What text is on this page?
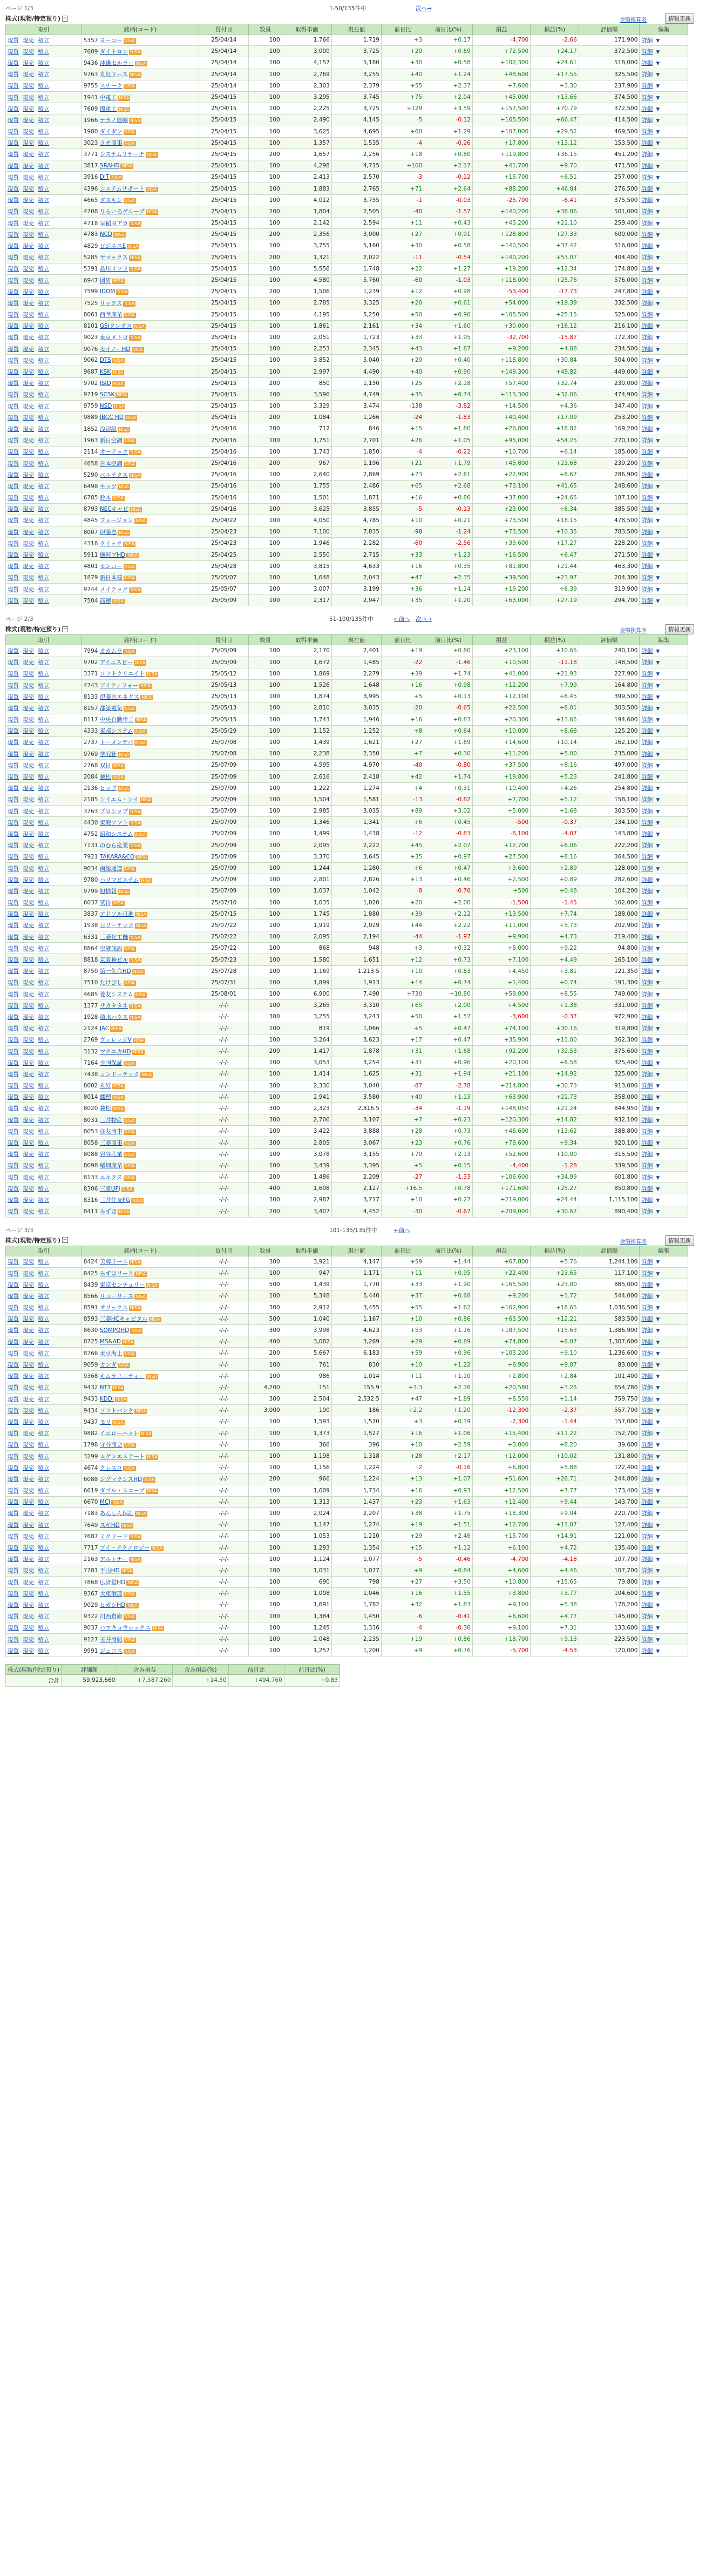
ページ 1/3	1-50/135件中	次へ→
株式(現物/特定預り) −	金額換算表	情報更新
取引	銘柄(コード)	買付日	数量	取得単価	現在値	前日比	前日比(%)	損益	損益(%)	評価額	編集
現買 現売 積立	5357 ヨーコー NISA	25/04/14	100	1,766	1,719	+3	+0.17	-4,700	-2.66	171,900	詳細 ▼
現買 現売 積立	7609 ダイトロン NISA	25/04/14	100	3,000	3,725	+20	+0.69	+72,500	+24.17	372,500	詳細 ▼
現買 現売 積立	9436 沖縄セルラー NISA	25/04/14	100	4,157	5,180	+30	+0.58	+102,300	+24.61	518,000	詳細 ▼
現買 現売 積立	9763 丸紅リース NISA	25/04/14	100	2,769	3,255	+40	+1.24	+48,600	+17.55	325,500	詳細 ▼
現買 現売 積立	9755 スチーク NISA	25/04/14	100	2,303	2,379	+55	+2.37	+7,600	+3.30	237,900	詳細 ▼
現買 現売 積立	1941 中電工 NISA	25/04/15	100	3,295	3,745	+75	+2.04	+45,000	+13.66	374,500	詳細 ▼
現買 現売 積立	7609 関電工 NISA	25/04/15	100	2,225	3,725	+129	+3.59	+157,500	+70.79	372,500	詳細 ▼
現買 現売 積立	1966 ナラノ運輸 NISA	25/04/15	100	2,490	4,145	-5	-0.12	+165,500	+66.47	414,500	詳細 ▼
現買 現売 積立	1980 ダイダン NISA	25/04/15	100	3,625	4,695	+60	+1.29	+107,000	+29.52	469,500	詳細 ▼
現買 現売 積立	3023 ラサ商事 NISA	25/04/15	100	1,357	1,535	-4	-0.26	+17,800	+13.12	153,500	詳細 ▼
現買 現売 積立	3771 システムリサーチ NISA	25/04/15	200	1,657	2,256	+18	+0.80	+119,800	+36.15	451,200	詳細 ▼
現買 現売 積立	3817 SRAHD NISA	25/04/15	100	4,298	4,715	+100	+2.17	+41,700	+9.70	471,500	詳細 ▼
現買 現売 積立	3916 DIT NISA	25/04/15	100	2,413	2,570	-3	-0.12	+15,700	+6.51	257,000	詳細 ▼
現買 現売 積立	4396 システムサポート NISA	25/04/15	100	1,883	2,765	+71	+2.64	+88,200	+46.84	276,500	詳細 ▼
現買 現売 積立	4665 ダスキン NISA	25/04/15	100	4,012	3,755	-1	-0.03	-25,700	-6.41	375,500	詳細 ▼
現買 現売 積立	4708 りらいあグループ NISA	25/04/15	200	1,804	2,505	-40	-1.57	+140,200	+38.86	501,000	詳細 ▼
現買 現売 積立	4718 早稲田アカ NISA	25/04/15	100	2,142	2,594	+11	+0.43	+45,200	+21.10	259,400	詳細 ▼
現買 現売 積立	4783 NCD NISA	25/04/15	200	2,356	3,000	+27	+0.91	+128,800	+27.33	600,000	詳細 ▼
現買 現売 積立	4829 ビジネスE NISA	25/04/15	100	3,755	5,160	+30	+0.58	+140,500	+37.42	516,000	詳細 ▼
現買 現売 積立	5285 ヤマックス NISA	25/04/15	200	1,321	2,022	-11	-0.54	+140,200	+53.07	404,400	詳細 ▼
現買 現売 積立	5391 品川リフラ NISA	25/04/15	100	5,556	1,748	+22	+1.27	+19,200	+12.34	174,800	詳細 ▼
現買 現売 積立	6947 図研 NISA	25/04/15	100	4,580	5,760	-60	-1.03	+118,000	+25.76	576,000	詳細 ▼
現買 現売 積立	7599 IDOM NISA	25/04/15	200	1,506	1,239	+12	+0.98	-53,400	-17.73	247,800	詳細 ▼
現買 現売 積立	7525 リックス NISA	25/04/15	100	2,785	3,325	+20	+0.61	+54,000	+19.39	332,500	詳細 ▼
現買 現売 積立	8061 西華産業 NISA	25/04/15	100	4,195	5,250	+50	+0.96	+105,500	+25.15	525,000	詳細 ▼
現買 現売 積立	8101 GSIクレオス NISA	25/04/15	100	1,861	2,161	+34	+1.60	+30,000	+16.12	216,100	詳細 ▼
現買 現売 積立	9023 東京メトロ NISA	25/04/15	100	2,051	1,723	+33	+1.95	-32,700	-15.87	172,300	詳細 ▼
現買 現売 積立	9076 セイノーHD NISA	25/04/15	100	2,253	2,345	+43	+1.87	+9,200	+4.08	234,500	詳細 ▼
現買 現売 積立	9062 DTS NISA	25/04/15	100	3,852	5,040	+20	+0.40	+118,800	+30.84	504,000	詳細 ▼
現買 現売 積立	9687 KSK NISA	25/04/15	100	2,997	4,490	+40	+0.90	+149,300	+49.82	449,000	詳細 ▼
現買 現売 積立	9702 ISID NISA	25/04/15	200	850	1,150	+25	+2.18	+57,400	+32.74	230,000	詳細 ▼
現買 現売 積立	9719 SCSK NISA	25/04/15	100	3,596	4,749	+35	+0.74	+115,300	+32.06	474,900	詳細 ▼
現買 現売 積立	9759 NSD NISA	25/04/15	100	3,329	3,474	-138	-3.82	+14,500	+4.36	347,400	詳細 ▼
現買 現売 積立	9889 JBCC HD NISA	25/04/15	200	1,084	1,266	-24	-1.83	+40,400	+17.09	253,200	詳細 ▼
現買 現売 積立	1852 浅沼組 NISA	25/04/16	200	712	846	+15	+1.80	+26,800	+18.82	169,200	詳細 ▼
現買 現売 積立	1963 新日空調 NISA	25/04/16	100	1,751	2,701	+26	+1.05	+95,000	+54.25	270,100	詳細 ▼
現買 現売 積立	2114 オーテック NISA	25/04/16	100	1,743	1,850	-4	-0.22	+10,700	+6.14	185,000	詳細 ▼
現買 現売 積立	4658 日本空調 NISA	25/04/16	200	967	1,196	+21	+1.79	+45,800	+23.68	239,200	詳細 ▼
現買 現売 積立	5290 ベルテクス NISA	25/04/16	100	2,640	2,869	+73	+2.61	+22,900	+8.67	286,900	詳細 ▼
現買 現売 積立	6498 キッツ NISA	25/04/16	100	1,755	2,486	+65	+2.68	+73,100	+41.65	248,600	詳細 ▼
現買 現売 積立	6785 鈴木 NISA	25/04/16	100	1,501	1,871	+16	+0.86	+37,000	+24.65	187,100	詳細 ▼
現買 現売 積立	8793 NECキャピ NISA	25/04/16	100	3,625	3,855	-5	-0.13	+23,000	+6.34	385,500	詳細 ▼
現買 現売 積立	4845 フュージョン NISA	25/04/22	100	4,050	4,785	+10	+0.21	+73,500	+18.15	478,500	詳細 ▼
現買 現売 積立	8007 伊藤忠 NISA	25/04/23	100	7,100	7,835	-98	-1.24	+73,500	+10.35	783,500	詳細 ▼
現買 現売 積立	4318 クイック NISA	25/04/23	100	1,946	2,282	-60	-2.56	+33,600	+17.27	228,200	詳細 ▼
現買 現売 積立	5911 横河ブHD NISA	25/04/25	100	2,550	2,715	+33	+1.23	+16,500	+6.47	271,500	詳細 ▼
現買 現売 積立	4801 センコー NISA	25/04/28	100	3,815	4,633	+16	+0.35	+81,800	+21.44	463,300	詳細 ▼
現買 現売 積立	1879 新日本建 NISA	25/05/07	100	1,648	2,043	+47	+2.35	+39,500	+23.97	204,300	詳細 ▼
現買 現売 積立	9744 メイテック NISA	25/05/07	100	3,007	3,199	+36	+1.14	+19,200	+6.39	319,900	詳細 ▼
現買 現売 積立	7504 高速 NISA	25/05/09	100	2,317	2,947	+35	+1.20	+63,000	+27.19	294,700	詳細 ▼
ページ 2/3	51-100/135件中	←前へ 次へ→
株式(現物/特定預り) −	金額換算表	情報更新
取引	銘柄(コード)	買付日	数量	取得単価	現在値	前日比	前日比(%)	損益	損益(%)	評価額	編集
現買 現売 積立	7994 オカムラ NISA	25/05/09	100	2,170	2,401	+19	+0.80	+23,100	+10.65	240,100	詳細 ▼
現買 現売 積立	9702 アイエスピー NISA	25/05/09	100	1,672	1,485	-22	-1.46	+10,500	-11.18	148,500	詳細 ▼
現買 現売 積立	3371 ソフトクリエイト NISA	25/05/12	100	1,869	2,279	+39	+1.74	+41,000	+21.93	227,900	詳細 ▼
現買 現売 積立	4743 アイティフォー NISA	25/05/13	100	1,526	1,648	+16	+0.98	+12,200	+7.99	164,800	詳細 ▼
現買 現売 積立	8133 伊藤忠エネクス NISA	25/05/13	100	1,874	3,995	+5	+0.13	+12,100	+6.45	399,500	詳細 ▼
現買 現売 積立	8157 都築電気 NISA	25/05/13	100	2,810	3,035	-20	-0.65	+22,500	+8.01	303,500	詳細 ▼
現買 現売 積立	8117 中央自動車工 NISA	25/05/15	100	1,743	1,946	+16	+0.83	+20,300	+11.65	194,600	詳細 ▼
現買 現売 積立	4333 東邦システム NISA	25/05/29	100	1,152	1,252	+8	+0.64	+10,000	+8.68	125,200	詳細 ▼
現買 現売 積立	2737 トーメンデバ NISA	25/07/08	100	1,439	1,621	+27	+1.69	+14,600	+10.14	162,100	詳細 ▼
現買 現売 積立	9769 学究社 NISA	25/07/08	100	2,238	2,350	+7	+0.30	+11,200	+5.00	235,000	詳細 ▼
現買 現売 積立	2768 双日 NISA	25/07/09	100	4,595	4,970	-40	-0.80	+37,500	+8.16	497,000	詳細 ▼
現買 現売 積立	2084 兼松 NISA	25/07/09	100	2,616	2,418	+42	+1.74	+19,800	+5.23	241,800	詳細 ▼
現買 現売 積立	2136 ヒップ NISA	25/07/09	100	1,222	1,274	+4	+0.31	+10,400	+4.26	254,800	詳細 ▼
現買 現売 積立	2185 シイエム・シイ NISA	25/07/09	100	1,504	1,581	-13	-0.82	+7,700	+5.12	158,100	詳細 ▼
現買 現売 積立	3763 プロシップ NISA	25/07/09	100	2,985	3,035	+89	+3.02	+5,000	+1.68	303,500	詳細 ▼
現買 現売 積立	4430 東海ソフト NISA	25/07/09	100	1,346	1,341	+6	+0.45	-500	-0.37	134,100	詳細 ▼
現買 現売 積立	4752 昭和システム NISA	25/07/09	100	1,499	1,438	-12	-0.83	-6,100	-4.07	143,800	詳細 ▼
現買 現売 積立	7131 のむら産業 NISA	25/07/09	100	2,095	2,222	+45	+2.07	+12,700	+6.06	222,200	詳細 ▼
現買 現売 積立	7921 TAKARA&CO NISA	25/07/09	100	3,370	3,645	+35	+0.97	+27,500	+8.16	364,500	詳細 ▼
現買 現売 積立	9034 南総通運 NISA	25/07/09	100	1,244	1,280	+6	+0.47	+3,600	+2.89	128,000	詳細 ▼
現買 現売 積立	9780 ハリマビステム NISA	25/07/09	100	2,801	2,826	+13	+0.46	+2,500	+0.89	282,600	詳細 ▼
現買 現売 積立	9799 旭情報 NISA	25/07/09	100	1,037	1,042	-8	-0.76	+500	+0.48	104,200	詳細 ▼
現買 現売 積立	6037 楽待 NISA	25/07/10	100	1,035	1,020	+20	+2.00	-1,500	-1.45	102,000	詳細 ▼
現買 現売 積立	3837 アドソル日進 NISA	25/07/15	100	1,745	1,880	+39	+2.12	+13,500	+7.74	188,000	詳細 ▼
現買 現売 積立	1938 日リーテック NISA	25/07/22	100	1,919	2,029	+44	+2.22	+11,000	+5.73	202,900	詳細 ▼
現買 現売 積立	6331 三菱化工機 NISA	25/07/22	100	2,095	2,194	-44	-1.97	+9,900	+4.73	219,400	詳細 ▼
現買 現売 積立	8864 空港施設 NISA	25/07/22	100	868	948	+3	+0.32	+8,000	+9.22	94,800	詳細 ▼
現買 現売 積立	8818 京阪神ビル NISA	25/07/23	100	1,580	1,651	+12	+0.73	+7,100	+4.49	165,100	詳細 ▼
現買 現売 積立	8750 第一生命HD NISA	25/07/28	100	1,169	1,213.5	+10	+0.83	+4,450	+3.81	121,350	詳細 ▼
現買 現売 積立	7510 たけびし NISA	25/07/31	100	1,899	1,913	+14	+0.74	+1,400	+0.74	191,300	詳細 ▼
現買 現売 積立	4685 菱友システム NISA	25/08/01	100	6,900	7,490	+730	+10.80	+59,000	+8.55	749,000	詳細 ▼
現買 現売 積立	1377 サカタタネ NISA	-/-/-	100	3,265	3,310	+65	+2.00	+4,500	+1.38	331,000	詳細 ▼
現買 現売 積立	1928 積水ハウス NISA	-/-/-	300	3,255	3,243	+50	+1.57	-3,600	-0.37	972,900	詳細 ▼
現買 現売 積立	2124 JAC NISA	-/-/-	100	819	1,066	+5	+0.47	+74,100	+30.16	319,800	詳細 ▼
現買 現売 積立	2769 ヴィレッジV NISA	-/-/-	100	3,264	3,623	+17	+0.47	+35,900	+11.00	362,300	詳細 ▼
現買 現売 積立	3132 マクニカHD NISA	-/-/-	200	1,417	1,878	+31	+1.68	+92,200	+32.53	375,600	詳細 ▼
現買 現売 積立	7164 全国保証 NISA	-/-/-	100	3,053	3,254	+31	+0.96	+20,100	+6.58	325,400	詳細 ▼
現買 現売 積立	7438 コンドーテック NISA	-/-/-	100	1,414	1,625	+31	+1.94	+21,100	+14.92	325,000	詳細 ▼
現買 現売 積立	8002 丸紅 NISA	-/-/-	300	2,330	3,040	-87	-2.78	+214,800	+30.73	913,000	詳細 ▼
現買 現売 積立	8014 蝶理 NISA	-/-/-	100	2,941	3,580	+40	+1.13	+63,900	+21.73	358,000	詳細 ▼
現買 現売 積立	8020 兼松 NISA	-/-/-	300	2,323	2,816.5	-34	-1.19	+148,050	+21.24	844,950	詳細 ▼
現買 現売 積立	8031 三井物産 NISA	-/-/-	300	2,706	3,107	+7	+0.23	+120,300	+14.82	932,100	詳細 ▼
現買 現売 積立	8053 住友商事 NISA	-/-/-	100	3,422	3,888	+28	+0.73	+46,600	+13.62	388,800	詳細 ▼
現買 現売 積立	8058 三菱商事 NISA	-/-/-	300	2,805	3,067	+23	+0.76	+78,600	+9.34	920,100	詳細 ▼
現買 現売 積立	8088 岩谷産業 NISA	-/-/-	100	3,078	3,155	+70	+2.13	+52,600	+10.00	315,500	詳細 ▼
現買 現売 積立	8098 稲畑産業 NISA	-/-/-	100	3,439	3,395	+5	+0.15	-4,400	-1.28	339,500	詳細 ▼
現買 現売 積立	8133 エネクス NISA	-/-/-	200	1,486	2,209	-27	-1.33	+106,600	+34.99	601,800	詳細 ▼
現買 現売 積立	8306 三菱UFJ NISA	-/-/-	400	1,698	2,127	+16.5	+0.78	+171,600	+25.27	850,800	詳細 ▼
現買 現売 積立	8316 三井住友FG NISA	-/-/-	300	2,987	3,717	+10	+0.27	+219,000	+24.44	1,115,100	詳細 ▼
現買 現売 積立	8411 みずほ NISA	-/-/-	200	3,407	4,452	-30	-0.67	+209,000	+30.67	890,400	詳細 ▼
ページ 3/3	101-135/135件中	←前へ
株式(現物/特定預り) −	金額換算表	情報更新
取引	銘柄(コード)	買付日	数量	取得単価	現在値	前日比	前日比(%)	損益	損益(%)	評価額	編集
現買 現売 積立	8424 芙蓉リース NISA	-/-/-	300	3,921	4,147	+59	+1.44	+67,800	+5.76	1,244,100	詳細 ▼
現買 現売 積立	8425 みずほリース NISA	-/-/-	100	947	1,171	+11	+0.95	+22,400	+23.65	117,100	詳細 ▼
現買 現売 積立	8439 東京センチュリー NISA	-/-/-	500	1,439	1,770	+33	+1.90	+165,500	+23.00	885,000	詳細 ▼
現買 現売 積立	8566 リコーリース NISA	-/-/-	100	5,348	5,440	+37	+0.68	+9,200	+1.72	544,000	詳細 ▼
現買 現売 積立	8591 オリックス NISA	-/-/-	300	2,912	3,455	+55	+1.62	+162,900	+18.65	1,036,500	詳細 ▼
現買 現売 積立	8593 三菱HCキャピタル NISA	-/-/-	500	1,040	1,167	+10	+0.86	+63,500	+12.21	583,500	詳細 ▼
現買 現売 積立	8630 SOMPOHD NISA	-/-/-	300	3,998	4,623	+53	+1.16	+187,500	+15.63	1,386,900	詳細 ▼
現買 現売 積立	8725 MS&AD NISA	-/-/-	400	3,082	3,269	+29	+0.89	+74,800	+6.07	1,307,600	詳細 ▼
現買 現売 積立	8766 東京海上 NISA	-/-/-	200	5,667	6,183	+59	+0.96	+103,200	+9.10	1,236,600	詳細 ▼
現買 現売 積立	9059 カンダ NISA	-/-/-	100	761	830	+10	+1.22	+6,900	+9.07	83,000	詳細 ▼
現買 現売 積立	9368 キムラユニティー NISA	-/-/-	100	986	1,014	+11	+1.10	+2,800	+2.84	101,400	詳細 ▼
現買 現売 積立	9432 NTT NISA	-/-/-	4,200	151	155.9	+3.3	+2.16	+20,580	+3.25	654,780	詳細 ▼
現買 現売 積立	9433 KDDI NISA	-/-/-	300	2,504	2,532.5	+47	+1.89	+8,550	+1.14	759,750	詳細 ▼
現買 現売 積立	9434 ソフトバンク NISA	-/-/-	3,000	190	186	+2.2	+1.20	-12,300	-2.37	557,700	詳細 ▼
現買 現売 積立	9437 モリ NISA	-/-/-	100	1,593	1,570	+3	+0.19	-2,300	-1.44	157,000	詳細 ▼
現買 現売 積立	9882 イエローハット NISA	-/-/-	100	1,373	1,527	+16	+1.06	+15,400	+11.22	152,700	詳細 ▼
現買 現売 積立	1798 守谷商会 NISA	-/-/-	100	366	396	+10	+2.59	+3,000	+8.20	39,600	詳細 ▼
現買 現売 積立	3299 ムゲンエステート NISA	-/-/-	100	1,198	1,318	+28	+2.17	+12,000	+10.02	131,800	詳細 ▼
現買 現売 積立	4674 クレスコ NISA	-/-/-	100	1,156	1,224	-2	-0.16	+6,800	+5.88	122,400	詳細 ▼
現買 現売 積立	6088 シグマクシスHD NISA	-/-/-	200	966	1,224	+13	+1.07	+51,600	+26.71	244,800	詳細 ▼
現買 現売 積立	6619 ダブル・スコープ NISA	-/-/-	100	1,609	1,734	+16	+0.93	+12,500	+7.77	173,400	詳細 ▼
現買 現売 積立	6670 MCJ NISA	-/-/-	100	1,313	1,437	+23	+1.63	+12,400	+9.44	143,700	詳細 ▼
現買 現売 積立	7183 あんしん保証 NISA	-/-/-	100	2,024	2,207	+38	+1.75	+18,300	+9.04	220,700	詳細 ▼
現買 現売 積立	7649 スギHD NISA	-/-/-	100	1,147	1,274	+19	+1.51	+12,700	+11.07	127,400	詳細 ▼
現買 現売 積立	7687 ミクリード NISA	-/-/-	100	1,053	1,210	+29	+2.46	+15,700	+14.91	121,000	詳細 ▼
現買 現売 積立	7717 ブイ・テクノロジー NISA	-/-/-	100	1,293	1,354	+15	+1.12	+6,100	+4.72	135,400	詳細 ▼
現買 現売 積立	2163 アルトナー NISA	-/-/-	100	1,124	1,077	-5	-0.46	-4,700	-4.18	107,700	詳細 ▼
現買 現売 積立	7781 平山HD NISA	-/-/-	100	1,031	1,077	+9	+0.84	+4,600	+4.46	107,700	詳細 ▼
現買 現売 積立	7868 広済堂HD NISA	-/-/-	100	690	798	+27	+3.50	+10,800	+15.65	79,800	詳細 ▼
現買 現売 積立	9367 大東港運 NISA	-/-/-	100	1,008	1,046	+16	+1.55	+3,800	+3.77	104,600	詳細 ▼
現買 現売 積立	9029 ヒガシHD NISA	-/-/-	100	1,691	1,782	+32	+1.83	+9,100	+5.38	178,200	詳細 ▼
現買 現売 積立	9322 川西倉庫 NISA	-/-/-	100	1,384	1,450	-6	-0.41	+6,600	+4.77	145,000	詳細 ▼
現買 現売 積立	9037 ハマキョウレックス NISA	-/-/-	100	1,245	1,336	-4	-0.30	+9,100	+7.31	133,600	詳細 ▼
現買 現売 積立	9127 玉井商船 NISA	-/-/-	100	2,048	2,235	+19	+0.86	+18,700	+9.13	223,500	詳細 ▼
現買 現売 積立	9991 ジェコス NISA	-/-/-	100	1,257	1,200	+9	+0.76	-5,700	-4.53	120,000	詳細 ▼
株式(現物/特定預り)	評価額	含み損益	含み損益(%)	前日比	前日比(%)
合計	59,923,660	+7,587,260	+14.50	+494,760	+0.83
